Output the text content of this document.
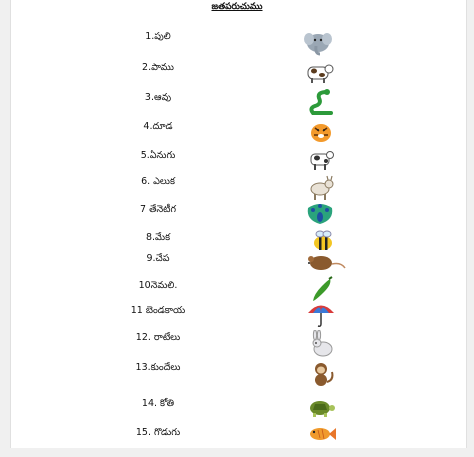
జతపరుచుము
1.పులి
2.పాము
3.ఆవు
4.దూడ
5.ఏనుగు
6. ఎలుక
7 తేనెటీగ
8.మేక
9.చేప
10నెమలి.
11 బెండకాయ
12. రాటేలు
13.కుందేలు
14. కోతి
15. గొడుగు
